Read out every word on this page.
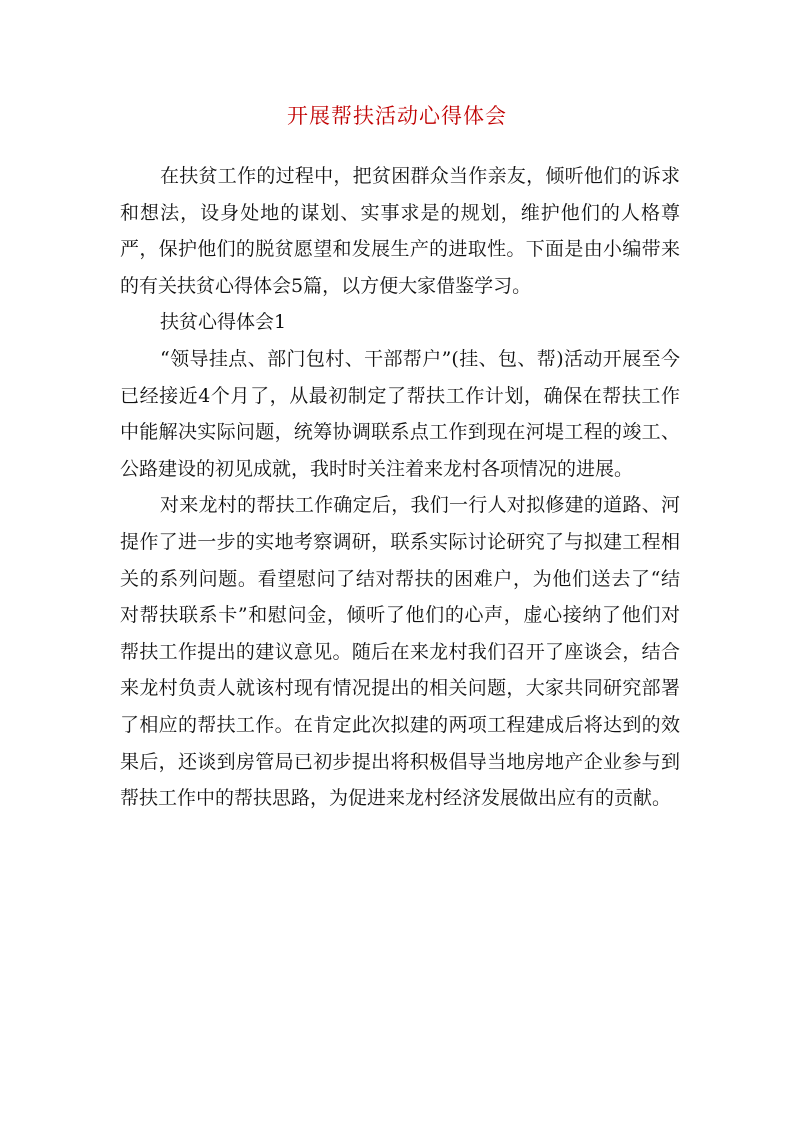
开展帮扶活动心得体会

在扶贫工作的过程中，把贫困群众当作亲友，倾听他们的诉求和想法，设身处地的谋划、实事求是的规划，维护他们的人格尊严，保护他们的脱贫愿望和发展生产的进取性。下面是由小编带来的有关扶贫心得体会5篇，以方便大家借鉴学习。

扶贫心得体会1

“领导挂点、部门包村、干部帮户”(挂、包、帮)活动开展至今已经接近4个月了，从最初制定了帮扶工作计划，确保在帮扶工作中能解决实际问题，统筹协调联系点工作到现在河堤工程的竣工、公路建设的初见成就，我时时关注着来龙村各项情况的进展。

对来龙村的帮扶工作确定后，我们一行人对拟修建的道路、河提作了进一步的实地考察调研，联系实际讨论研究了与拟建工程相关的系列问题。看望慰问了结对帮扶的困难户，为他们送去了“结对帮扶联系卡”和慰问金，倾听了他们的心声，虚心接纳了他们对帮扶工作提出的建议意见。随后在来龙村我们召开了座谈会，结合来龙村负责人就该村现有情况提出的相关问题，大家共同研究部署了相应的帮扶工作。在肯定此次拟建的两项工程建成后将达到的效果后，还谈到房管局已初步提出将积极倡导当地房地产企业参与到帮扶工作中的帮扶思路，为促进来龙村经济发展做出应有的贡献。
